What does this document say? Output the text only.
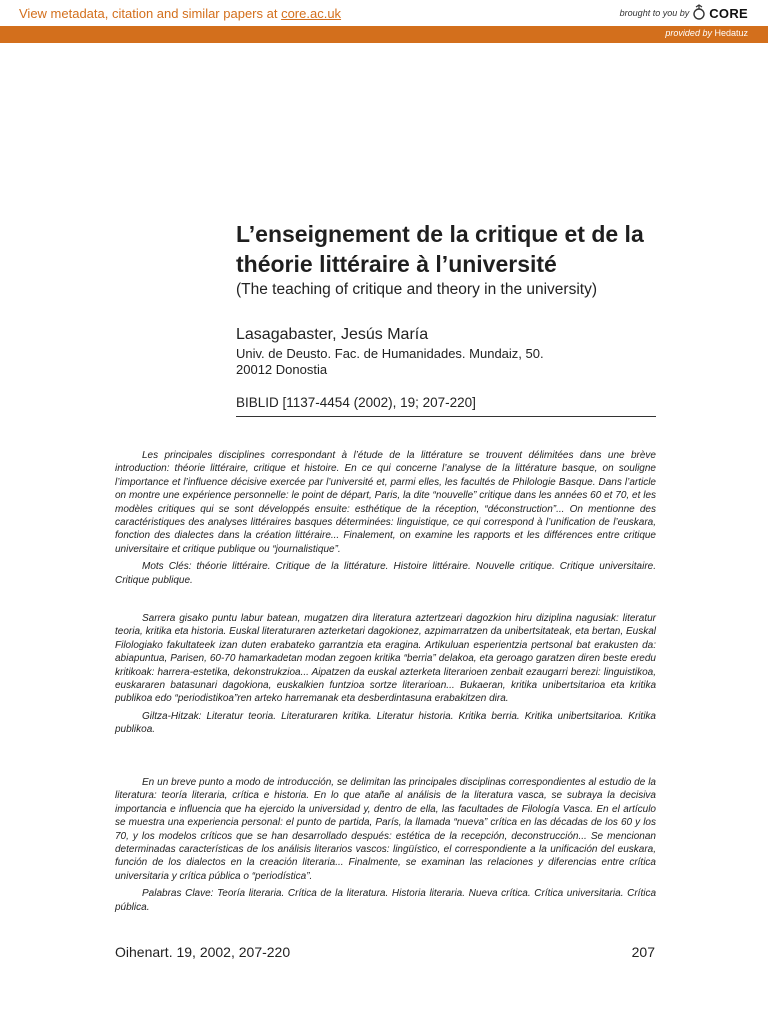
View metadata, citation and similar papers at core.ac.uk	brought to you by CORE
provided by Hedatuz
L’enseignement de la critique et de la théorie littéraire à l’université
(The teaching of critique and theory in the university)
Lasagabaster, Jesús María
Univ. de Deusto. Fac. de Humanidades. Mundaiz, 50.
20012 Donostia
BIBLID [1137-4454 (2002), 19; 207-220]

Les principales disciplines correspondant à l’étude de la littérature se trouvent délimitées dans une brève introduction: théorie littéraire, critique et histoire. En ce qui concerne l’analyse de la littérature basque, on souligne l’importance et l’influence décisive exercée par l’université et, parmi elles, les facultés de Philologie Basque. Dans l’article on montre une expérience personnelle: le point de départ, Paris, la dite “nouvelle” critique dans les années 60 et 70, et les modèles critiques qui se sont développés ensuite: esthétique de la réception, “déconstruction”... On mentionne des caractéristiques des analyses littéraires basques déterminées: linguistique, ce qui correspond à l’unification de l’euskara, fonction des dialectes dans la création littéraire... Finalement, on examine les rapports et les différences entre critique universitaire et critique publique ou “journalistique”.

Mots Clés: théorie littéraire. Critique de la littérature. Histoire littéraire. Nouvelle critique. Critique universitaire. Critique publique.

Sarrera gisako puntu labur batean, mugatzen dira literatura aztertzeari dagozkion hiru diziplina nagusiak: literatur teoria, kritika eta historia. Euskal literaturaren azterketari dagokionez, azpimarratzen da unibertsitateak, eta bertan, Euskal Filologiako fakultateek izan duten erabateko garrantzia eta eragina. Artikuluan esperientzia pertsonal bat erakusten da: abiapuntua, Parisen, 60-70 hamarkadetan modan zegoen kritika “berria” delakoa, eta geroago garatzen diren beste eredu kritikoak: harrera-estetika, dekonstrukzioa... Aipatzen da euskal azterketa literarioen zenbait ezaugarri berezi: linguistikoa, euskararen batasunari dagokiona, euskalkien funtzioa sortze literarioan... Bukaeran, kritika unibertsitarioa eta kritika publikoa edo “periodistikoa”ren arteko harremanak eta desberdintasuna erabakitzen dira.

Giltza-Hitzak: Literatur teoria. Literaturaren kritika. Literatur historia. Kritika berria. Kritika unibertsitarioa. Kritika publikoa.

En un breve punto a modo de introducción, se delimitan las principales disciplinas correspondientes al estudio de la literatura: teoría literaria, crítica e historia. En lo que atañe al análisis de la literatura vasca, se subraya la decisiva importancia e influencia que ha ejercido la universidad y, dentro de ella, las facultades de Filología Vasca. En el artículo se muestra una experiencia personal: el punto de partida, París, la llamada “nueva” crítica en las décadas de los 60 y los 70, y los modelos críticos que se han desarrollado después: estética de la recepción, deconstrucción... Se mencionan determinadas características de los análisis literarios vascos: lingüístico, el correspondiente a la unificación del euskara, función de los dialectos en la creación literaria... Finalmente, se examinan las relaciones y diferencias entre crítica universitaria y crítica pública o “periodística”.

Palabras Clave: Teoría literaria. Crítica de la literatura. Historia literaria. Nueva crítica. Crítica universitaria. Crítica pública.

Oihenart. 19, 2002, 207-220	207
